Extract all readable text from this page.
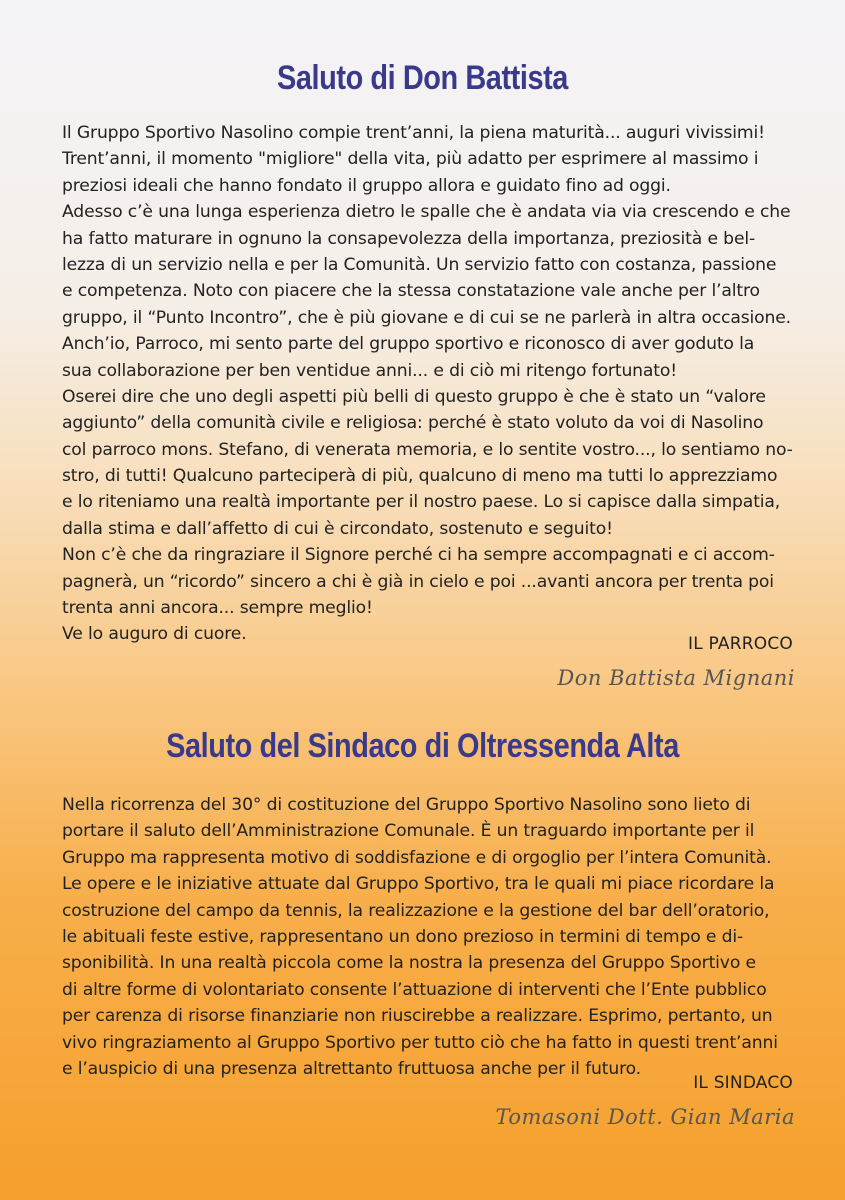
Saluto di Don Battista
Il Gruppo Sportivo Nasolino compie trent’anni, la piena maturità... auguri vivissimi!
Trent’anni, il momento "migliore" della vita, più adatto per esprimere al massimo i
preziosi ideali che hanno fondato il gruppo allora e guidato fino ad oggi.
Adesso c’è una lunga esperienza dietro le spalle che è andata via via crescendo e che
ha fatto maturare in ognuno la consapevolezza della importanza, preziosità e bel-
lezza di un servizio nella e per la Comunità. Un servizio fatto con costanza, passione
e competenza. Noto con piacere che la stessa constatazione vale anche per l’altro
gruppo, il “Punto Incontro”, che è più giovane e di cui se ne parlerà in altra occasione.
Anch’io, Parroco, mi sento parte del gruppo sportivo e riconosco di aver goduto la
sua collaborazione per ben ventidue anni... e di ciò mi ritengo fortunato!
Oserei dire che uno degli aspetti più belli di questo gruppo è che è stato un “valore
aggiunto” della comunità civile e religiosa: perché è stato voluto da voi di Nasolino
col parroco mons. Stefano, di venerata memoria, e lo sentite vostro..., lo sentiamo no-
stro, di tutti! Qualcuno parteciperà di più, qualcuno di meno ma tutti lo apprezziamo
e lo riteniamo una realtà importante per il nostro paese. Lo si capisce dalla simpatia,
dalla stima e dall’affetto di cui è circondato, sostenuto e seguito!
Non c’è che da ringraziare il Signore perché ci ha sempre accompagnati e ci accom-
pagnerà, un “ricordo” sincero a chi è già in cielo e poi ...avanti ancora per trenta poi
trenta anni ancora... sempre meglio!
Ve lo auguro di cuore.	IL PARROCO

Don Battista Mignani

Saluto del Sindaco di Oltressenda Alta
Nella ricorrenza del 30° di costituzione del Gruppo Sportivo Nasolino sono lieto di
portare il saluto dell’Amministrazione Comunale. È un traguardo importante per il
Gruppo ma rappresenta motivo di soddisfazione e di orgoglio per l’intera Comunità.
Le opere e le iniziative attuate dal Gruppo Sportivo, tra le quali mi piace ricordare la
costruzione del campo da tennis, la realizzazione e la gestione del bar dell’oratorio,
le abituali feste estive, rappresentano un dono prezioso in termini di tempo e di-
sponibilità. In una realtà piccola come la nostra la presenza del Gruppo Sportivo e
di altre forme di volontariato consente l’attuazione di interventi che l’Ente pubblico
per carenza di risorse finanziarie non riuscirebbe a realizzare. Esprimo, pertanto, un
vivo ringraziamento al Gruppo Sportivo per tutto ciò che ha fatto in questi trent’anni
e l’auspicio di una presenza altrettanto fruttuosa anche per il futuro.

IL SINDACO

Tomasoni Dott. Gian Maria
